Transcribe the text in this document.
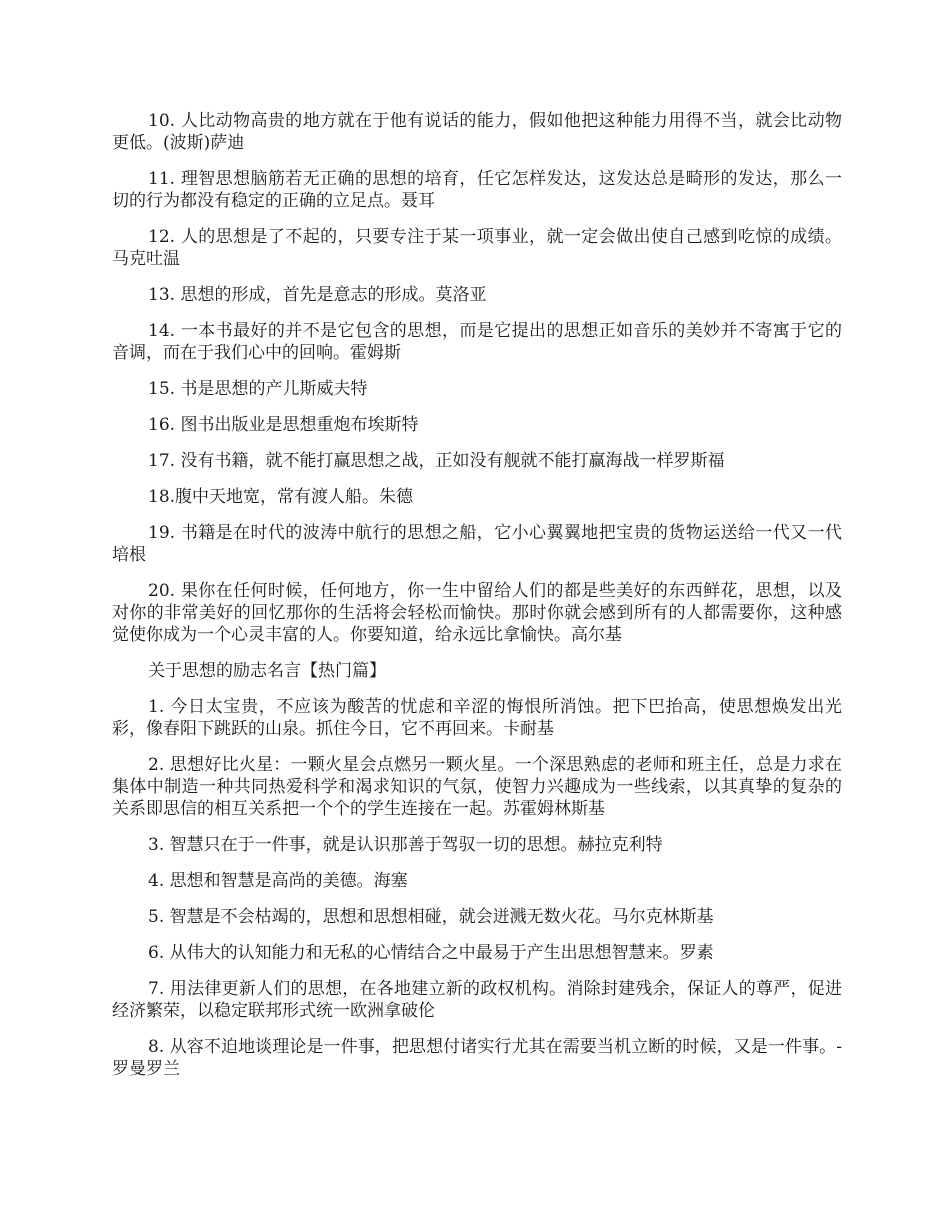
10. 人比动物高贵的地方就在于他有说话的能力，假如他把这种能力用得不当，就会比动物更低。(波斯)萨迪

11. 理智思想脑筋若无正确的思想的培育，任它怎样发达，这发达总是畸形的发达，那么一切的行为都没有稳定的正确的立足点。聂耳

12. 人的思想是了不起的，只要专注于某一项事业，就一定会做出使自己感到吃惊的成绩。马克吐温

13. 思想的形成，首先是意志的形成。莫洛亚

14. 一本书最好的并不是它包含的思想，而是它提出的思想正如音乐的美妙并不寄寓于它的音调，而在于我们心中的回响。霍姆斯

15. 书是思想的产儿斯威夫特

16. 图书出版业是思想重炮布埃斯特

17. 没有书籍，就不能打赢思想之战，正如没有舰就不能打赢海战一样罗斯福

18.腹中天地宽，常有渡人船。朱德

19. 书籍是在时代的波涛中航行的思想之船，它小心翼翼地把宝贵的货物运送给一代又一代培根

20. 果你在任何时候，任何地方，你一生中留给人们的都是些美好的东西鲜花，思想，以及对你的非常美好的回忆那你的生活将会轻松而愉快。那时你就会感到所有的人都需要你，这种感觉使你成为一个心灵丰富的人。你要知道，给永远比拿愉快。高尔基

关于思想的励志名言【热门篇】

1. 今日太宝贵，不应该为酸苦的忧虑和辛涩的悔恨所消蚀。把下巴抬高，使思想焕发出光彩，像春阳下跳跃的山泉。抓住今日，它不再回来。卡耐基

2. 思想好比火星：一颗火星会点燃另一颗火星。一个深思熟虑的老师和班主任，总是力求在集体中制造一种共同热爱科学和渴求知识的气氛，使智力兴趣成为一些线索，以其真挚的复杂的关系即思信的相互关系把一个个的学生连接在一起。苏霍姆林斯基

3. 智慧只在于一件事，就是认识那善于驾驭一切的思想。赫拉克利特

4. 思想和智慧是高尚的美德。海塞

5. 智慧是不会枯竭的，思想和思想相碰，就会迸溅无数火花。马尔克林斯基

6. 从伟大的认知能力和无私的心情结合之中最易于产生出思想智慧来。罗素

7. 用法律更新人们的思想，在各地建立新的政权机构。消除封建残余，保证人的尊严，促进经济繁荣，以稳定联邦形式统一欧洲拿破伦

8. 从容不迫地谈理论是一件事，把思想付诸实行尤其在需要当机立断的时候，又是一件事。-罗曼罗兰
